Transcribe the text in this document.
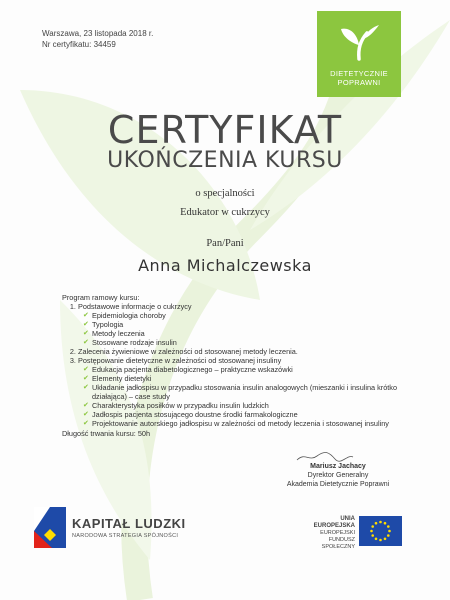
Warszawa, 23 listopada 2018 r.
Nr certyfikatu: 34459
DIETETYCZNIE
POPRAWNI
CERTYFIKAT
UKOŃCZENIA KURSU
o specjalności
Edukator w cukrzycy
Pan/Pani
Anna Michalczewska
Program ramowy kursu:
1. Podstawowe informacje o cukrzycy
✔ Epidemiologia choroby
✔ Typologia
✔ Metody leczenia
✔ Stosowane rodzaje insulin
2. Zalecenia żywieniowe w zależności od stosowanej metody leczenia.
3. Postępowanie dietetyczne w zależności od stosowanej insuliny
✔ Edukacja pacjenta diabetologicznego – praktyczne wskazówki
✔ Elementy dietetyki
✔ Układanie jadłospisu w przypadku stosowania insulin analogowych (mieszanki i insulina krótko działająca) – case study
✔ Charakterystyka posiłków w przypadku insulin ludzkich
✔ Jadłospis pacjenta stosującego doustne środki farmakologiczne
✔ Projektowanie autorskiego jadłospisu w zależności od metody leczenia i stosowanej insuliny
Długość trwania kursu: 50h
Mariusz Jachacy
Dyrektor Generalny
Akademia Dietetycznie Poprawni
KAPITAŁ LUDZKI
NARODOWA STRATEGIA SPÓJNOŚCI
UNIA EUROPEJSKA
EUROPEJSKI
FUNDUSZ SPOŁECZNY
